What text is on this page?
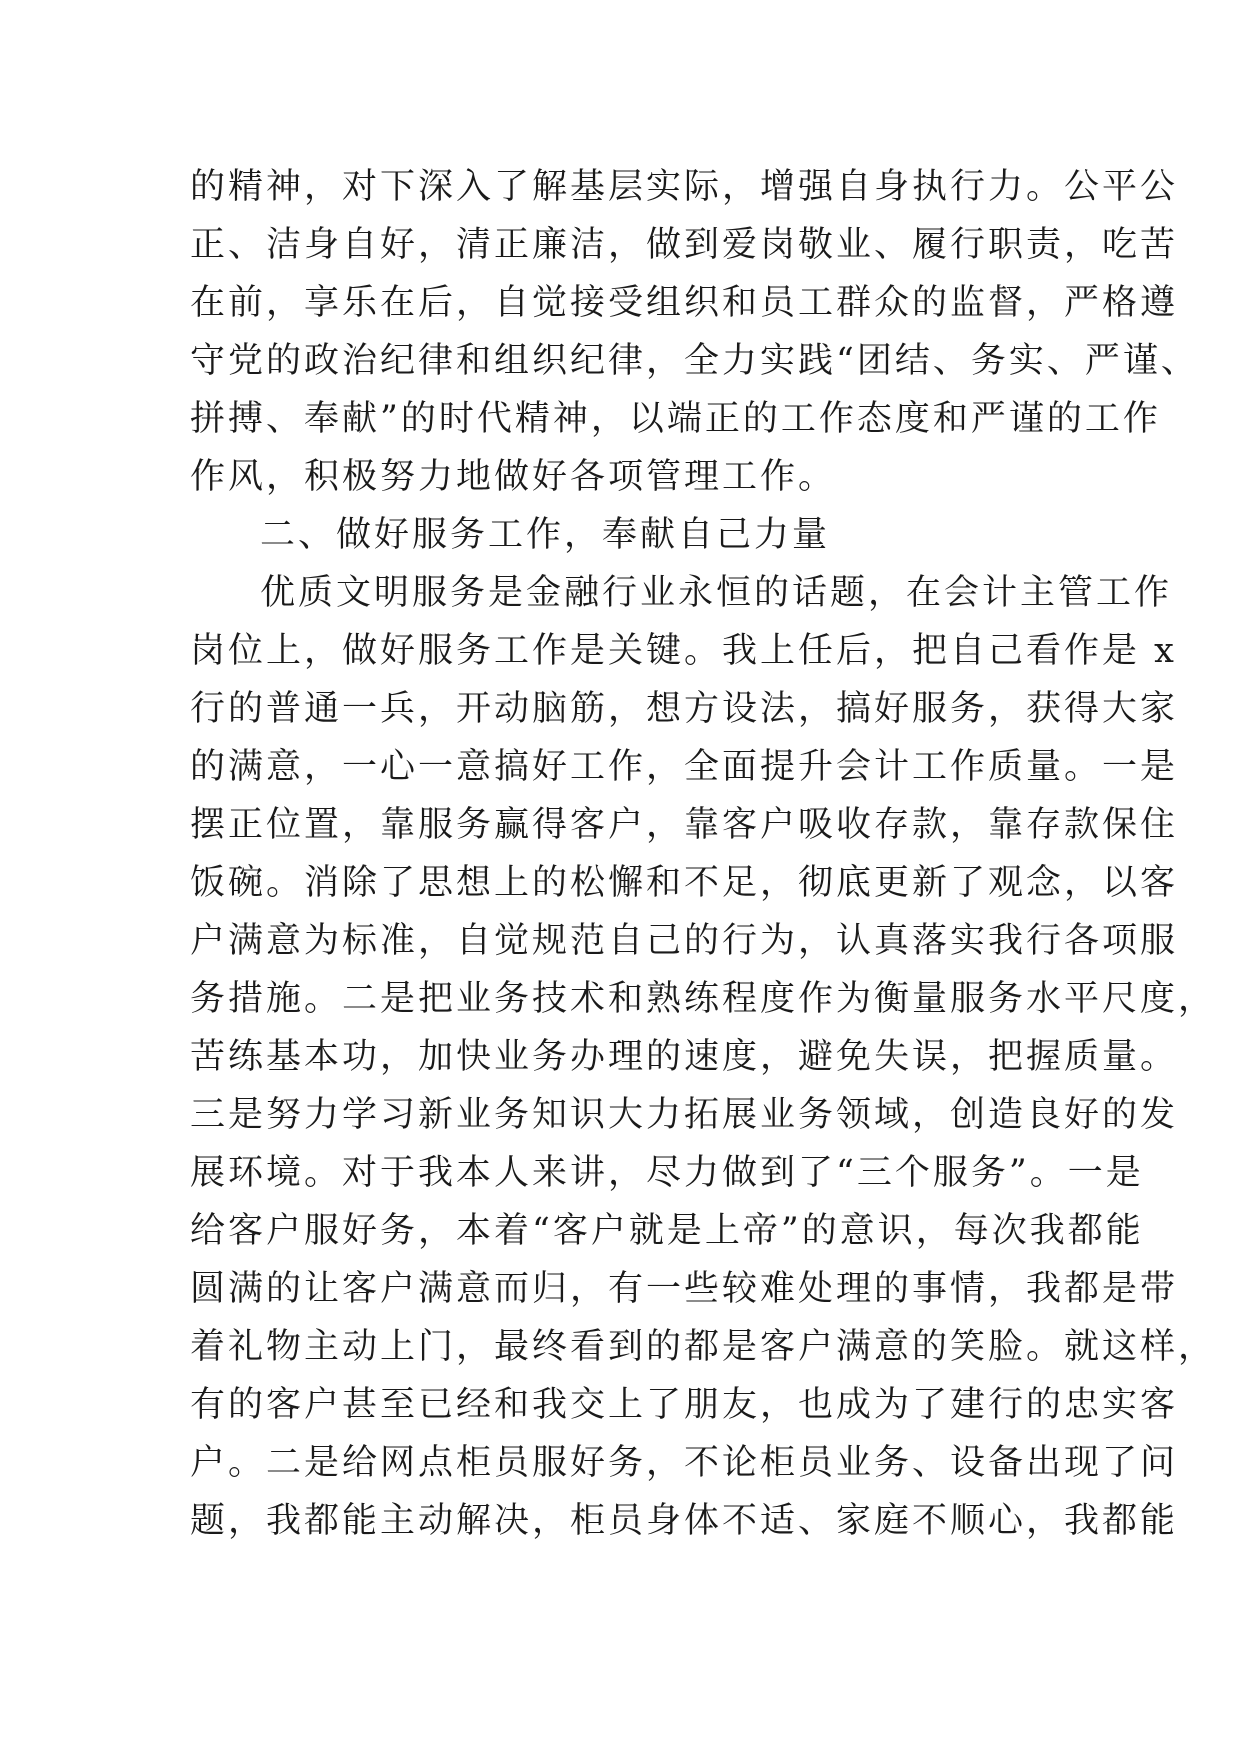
的精神，对下深入了解基层实际，增强自身执行力。公平公
正、洁身自好，清正廉洁，做到爱岗敬业、履行职责，吃苦
在前，享乐在后，自觉接受组织和员工群众的监督，严格遵
守党的政治纪律和组织纪律，全力实践“团结、务实、严谨、
拼搏、奉献”的时代精神，以端正的工作态度和严谨的工作
作风，积极努力地做好各项管理工作。
二、做好服务工作，奉献自己力量
优质文明服务是金融行业永恒的话题，在会计主管工作
岗位上，做好服务工作是关键。我上任后，把自己看作是 x
行的普通一兵，开动脑筋，想方设法，搞好服务，获得大家
的满意，一心一意搞好工作，全面提升会计工作质量。一是
摆正位置，靠服务赢得客户，靠客户吸收存款，靠存款保住
饭碗。消除了思想上的松懈和不足，彻底更新了观念，以客
户满意为标准，自觉规范自己的行为，认真落实我行各项服
务措施。二是把业务技术和熟练程度作为衡量服务水平尺度，
苦练基本功，加快业务办理的速度，避免失误，把握质量。
三是努力学习新业务知识大力拓展业务领域，创造良好的发
展环境。对于我本人来讲，尽力做到了“三个服务”。一是
给客户服好务，本着“客户就是上帝”的意识，每次我都能
圆满的让客户满意而归，有一些较难处理的事情，我都是带
着礼物主动上门，最终看到的都是客户满意的笑脸。就这样，
有的客户甚至已经和我交上了朋友，也成为了建行的忠实客
户。二是给网点柜员服好务，不论柜员业务、设备出现了问
题，我都能主动解决，柜员身体不适、家庭不顺心，我都能
